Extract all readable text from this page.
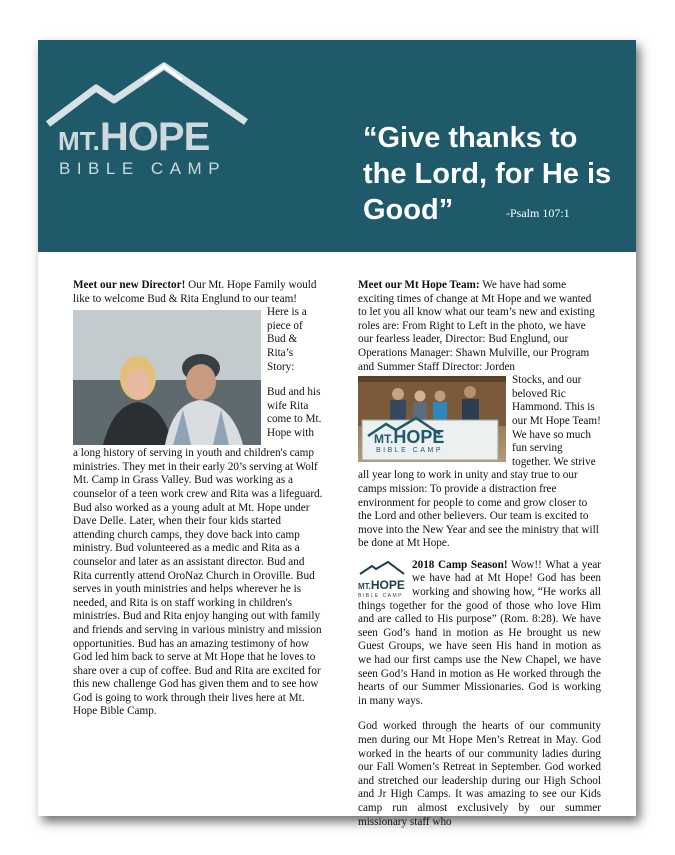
MT.HOPE
BIBLE CAMP
“Give thanks to the Lord, for He is Good”	-Psalm 107:1

Meet our new Director! Our Mt. Hope Family would like to welcome Bud & Rita Englund to our team!

Here is a piece of Bud & Rita’s Story:

Bud and his wife Rita come to Mt. Hope with

a long history of serving in youth and children's camp ministries. They met in their early 20’s serving at Wolf Mt. Camp in Grass Valley. Bud was working as a counselor of a teen work crew and Rita was a lifeguard. Bud also worked as a young adult at Mt. Hope under Dave Delle. Later, when their four kids started attending church camps, they dove back into camp ministry. Bud volunteered as a medic and Rita as a counselor and later as an assistant director. Bud and Rita currently attend OroNaz Church in Oroville. Bud serves in youth ministries and helps wherever he is needed, and Rita is on staff working in children's ministries. Bud and Rita enjoy hanging out with family and friends and serving in various ministry and mission opportunities. Bud has an amazing testimony of how God led him back to serve at Mt Hope that he loves to share over a cup of coffee. Bud and Rita are excited for this new challenge God has given them and to see how God is going to work through their lives here at Mt. Hope Bible Camp.

Meet our Mt Hope Team: We have had some exciting times of change at Mt Hope and we wanted to let you all know what our team’s new and existing roles are: From Right to Left in the photo, we have our fearless leader, Director: Bud Englund, our Operations Manager: Shawn Mulville, our Program and Summer Staff Director: Jorden

MT.HOPE
BIBLE CAMP

Stocks, and our beloved Ric Hammond. This is our Mt Hope Team! We have so much fun serving together. We strive all year long to work in unity and stay true to our camps mission: To provide a distraction free environment for people to come and grow closer to the Lord and other believers. Our team is excited to move into the New Year and see the ministry that will be done at Mt Hope.

MT.HOPE
BIBLE CAMP

2018 Camp Season! Wow!! What a year we have had at Mt Hope! God has been working and showing how, “He works all things together for the good of those who love Him and are called to His purpose” (Rom. 8:28). We have seen God’s hand in motion as He brought us new Guest Groups, we have seen His hand in motion as we had our first camps use the New Chapel, we have seen God’s Hand in motion as He worked through the hearts of our Summer Missionaries. God is working in many ways.

God worked through the hearts of our community men during our Mt Hope Men’s Retreat in May. God worked in the hearts of our community ladies during our Fall Women’s Retreat in September. God worked and stretched our leadership during our High School and Jr High Camps. It was amazing to see our Kids camp run almost exclusively by our summer missionary staff who
